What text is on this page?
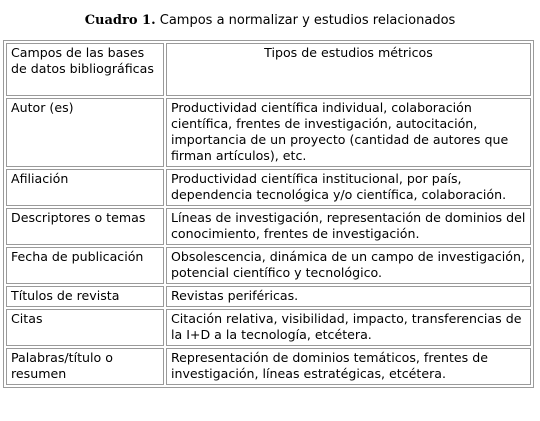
Cuadro 1. Campos a normalizar y estudios relacionados
Campos de las bases de datos bibliográficas	Tipos de estudios métricos
Autor (es)	Productividad científica individual, colaboración científica, frentes de investigación, autocitación, importancia de un proyecto (cantidad de autores que firman artículos), etc.
Afiliación	Productividad científica institucional, por país, dependencia tecnológica y/o científica, colaboración.
Descriptores o temas	Líneas de investigación, representación de dominios del conocimiento, frentes de investigación.
Fecha de publicación	Obsolescencia, dinámica de un campo de investigación, potencial científico y tecnológico.
Títulos de revista	Revistas periféricas.
Citas	Citación relativa, visibilidad, impacto, transferencias de la I+D a la tecnología, etcétera.
Palabras/título o resumen	Representación de dominios temáticos, frentes de investigación, líneas estratégicas, etcétera.
